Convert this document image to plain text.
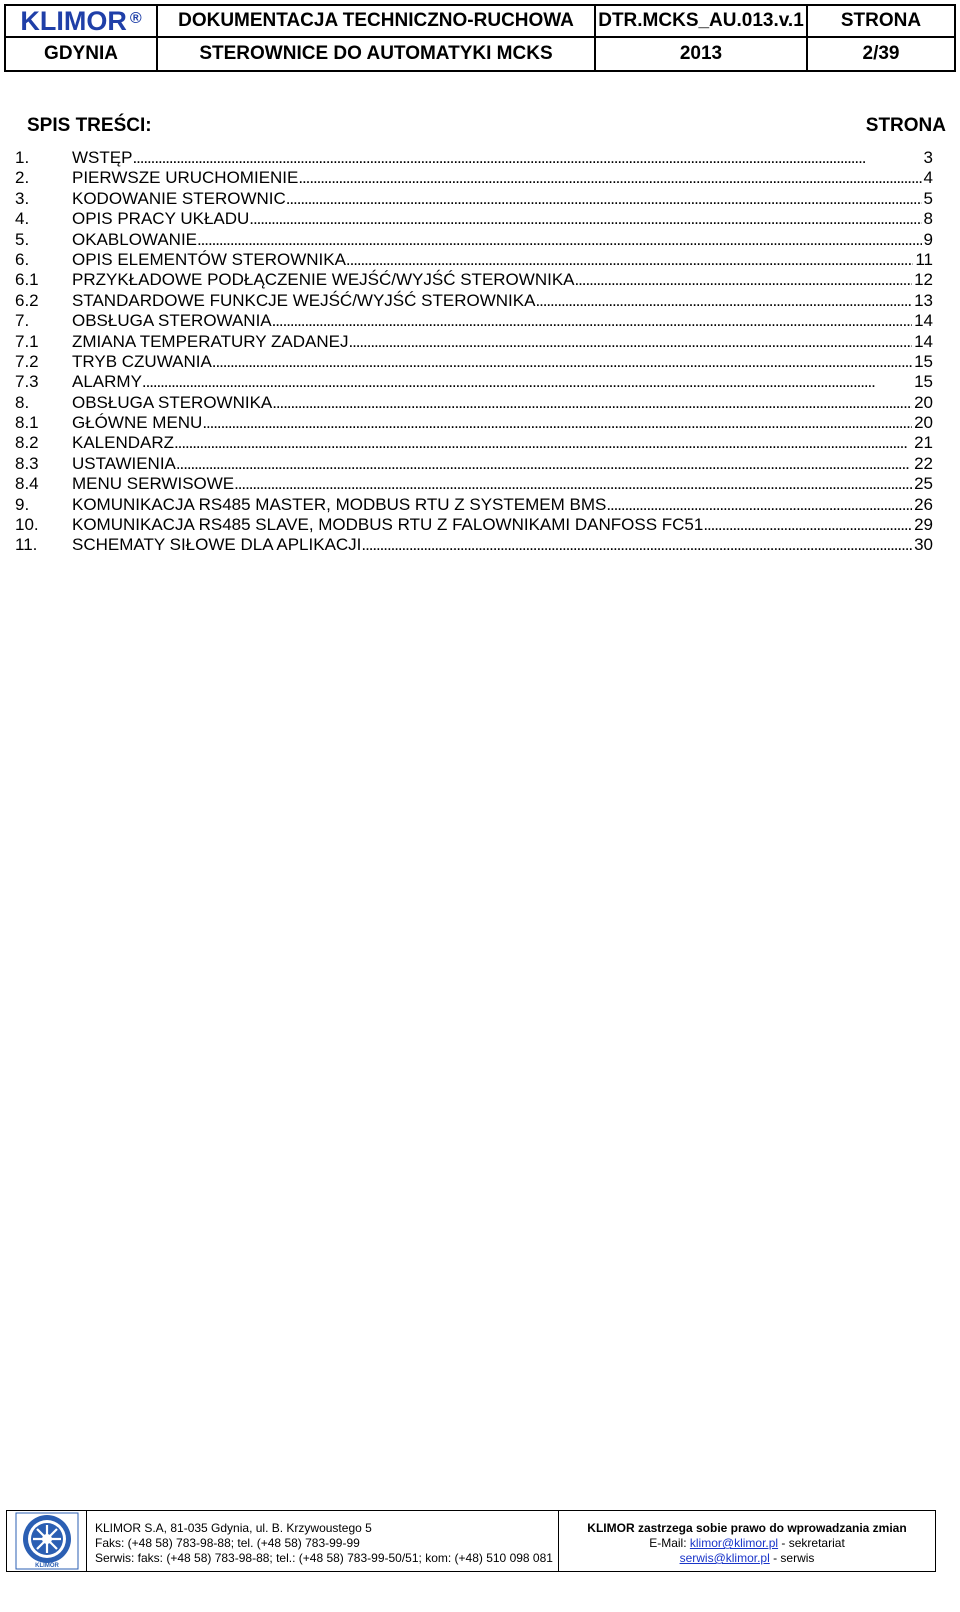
KLIMOR®	DOKUMENTACJA TECHNICZNO-RUCHOWA	DTR.MCKS_AU.013.v.1	STRONA
GDYNIA	STEROWNICE DO AUTOMATYKI MCKS	2013	2/39
SPIS TREŚCI:	STRONA
1.	WSTĘP . . .	3
2.	PIERWSZE URUCHOMIENIE . . .	4
3.	KODOWANIE STEROWNIC . . .	5
4.	OPIS PRACY UKŁADU . . .	8
5.	OKABLOWANIE . . .	9
6.	OPIS ELEMENTÓW STEROWNIKA . . .	11
6.1	PRZYKŁADOWE PODŁĄCZENIE WEJŚĆ/WYJŚĆ STEROWNIKA . . .	12
6.2	STANDARDOWE FUNKCJE WEJŚĆ/WYJŚĆ STEROWNIKA . . .	13
7.	OBSŁUGA STEROWANIA . . .	14
7.1	ZMIANA TEMPERATURY ZADANEJ . . .	14
7.2	TRYB CZUWANIA . . .	15
7.3	ALARMY . . .	15
8.	OBSŁUGA STEROWNIKA . . .	20
8.1	GŁÓWNE MENU . . .	20
8.2	KALENDARZ . . .	21
8.3	USTAWIENIA . . .	22
8.4	MENU SERWISOWE . . .	25
9.	KOMUNIKACJA RS485 MASTER, MODBUS RTU Z SYSTEMEM BMS . . .	26
10.	KOMUNIKACJA RS485 SLAVE, MODBUS RTU Z FALOWNIKAMI DANFOSS FC51 . . .	29
11.	SCHEMATY SIŁOWE DLA APLIKACJI . . .	30
KLIMOR
KLIMOR S.A, 81-035 Gdynia, ul. B. Krzywoustego 5
Faks: (+48 58) 783-98-88; tel. (+48 58) 783-99-99
Serwis: faks: (+48 58) 783-98-88; tel.: (+48 58) 783-99-50/51; kom: (+48) 510 098 081
KLIMOR zastrzega sobie prawo do wprowadzania zmian
E-Mail: klimor@klimor.pl - sekretariat
serwis@klimor.pl - serwis
